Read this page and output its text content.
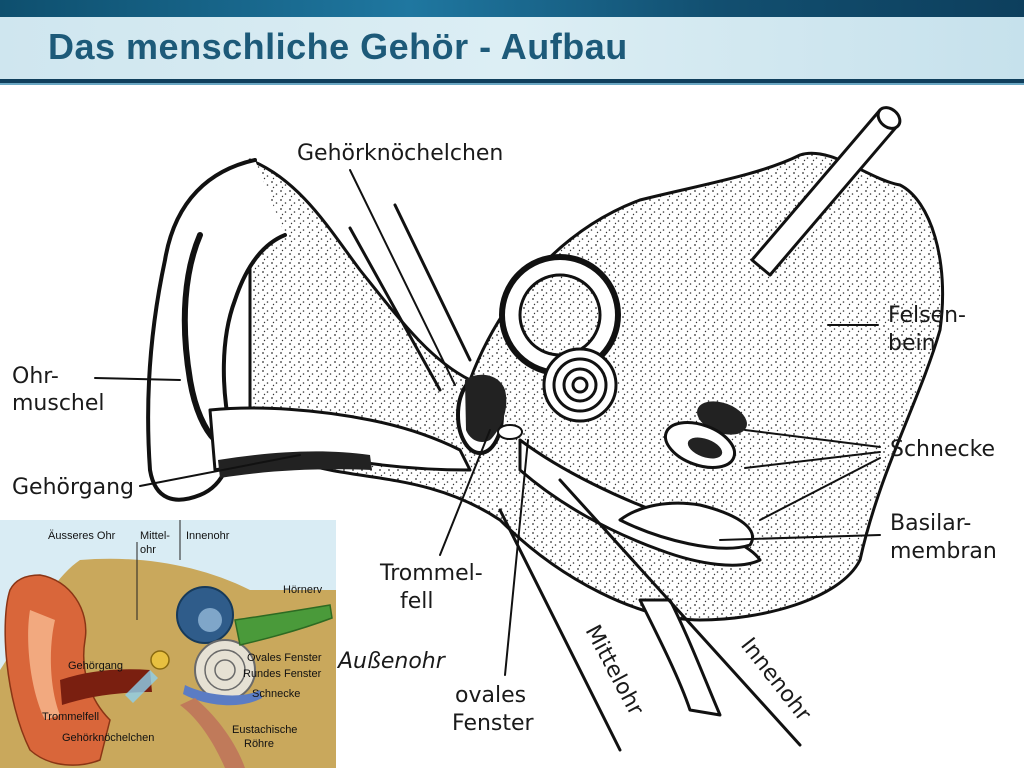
Das menschliche Gehör - Aufbau
Gehörknöchelchen
Felsen-
bein
Ohr-
muschel
Schnecke
Gehörgang
Basilar-
membran
Trommel-
fell
Außenohr
ovales
Fenster
Mittelohr	Innenohr
Äusseres Ohr Mittel-
ohr
Innenohr
Hörnerv
Ovales Fenster
Rundes Fenster
Schnecke
Gehörgang
Trommelfell
Gehörknöchelchen
Eustachische
Röhre
